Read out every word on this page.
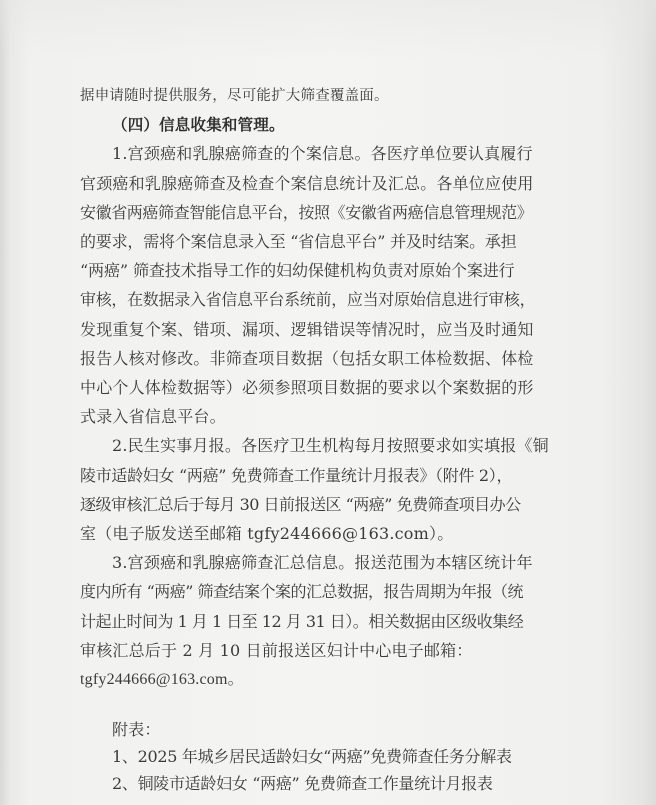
据申请随时提供服务，尽可能扩大筛查覆盖面。
（四）信息收集和管理。
1.宫颈癌和乳腺癌筛查的个案信息。各医疗单位要认真履行
官颈癌和乳腺癌筛查及检查个案信息统计及汇总。各单位应使用
安徽省两癌筛查智能信息平台，按照《安徽省两癌信息管理规范》
的要求，需将个案信息录入至 “省信息平台” 并及时结案。承担
“两癌” 筛查技术指导工作的妇幼保健机构负责对原始个案进行
审核，在数据录入省信息平台系统前，应当对原始信息进行审核，
发现重复个案、错项、漏项、逻辑错误等情况时，应当及时通知
报告人核对修改。非筛查项目数据（包括女职工体检数据、体检
中心个人体检数据等）必须参照项目数据的要求以个案数据的形
式录入省信息平台。
2.民生实事月报。各医疗卫生机构每月按照要求如实填报《铜
陵市适龄妇女 “两癌” 免费筛查工作量统计月报表》（附件 2），
逐级审核汇总后于每月 30 日前报送区 “两癌” 免费筛查项目办公
室（电子版发送至邮箱 tgfy244666@163.com）。
3.宫颈癌和乳腺癌筛查汇总信息。报送范围为本辖区统计年
度内所有 “两癌” 筛查结案个案的汇总数据，报告周期为年报（统
计起止时间为 1 月 1 日至 12 月 31 日）。相关数据由区级收集经
审核汇总后于 2 月 10 日前报送区妇计中心电子邮箱：
tgfy244666@163.com。
附表：
1、2025 年城乡居民适龄妇女“两癌”免费筛查任务分解表
2、铜陵市适龄妇女 “两癌” 免费筛查工作量统计月报表
